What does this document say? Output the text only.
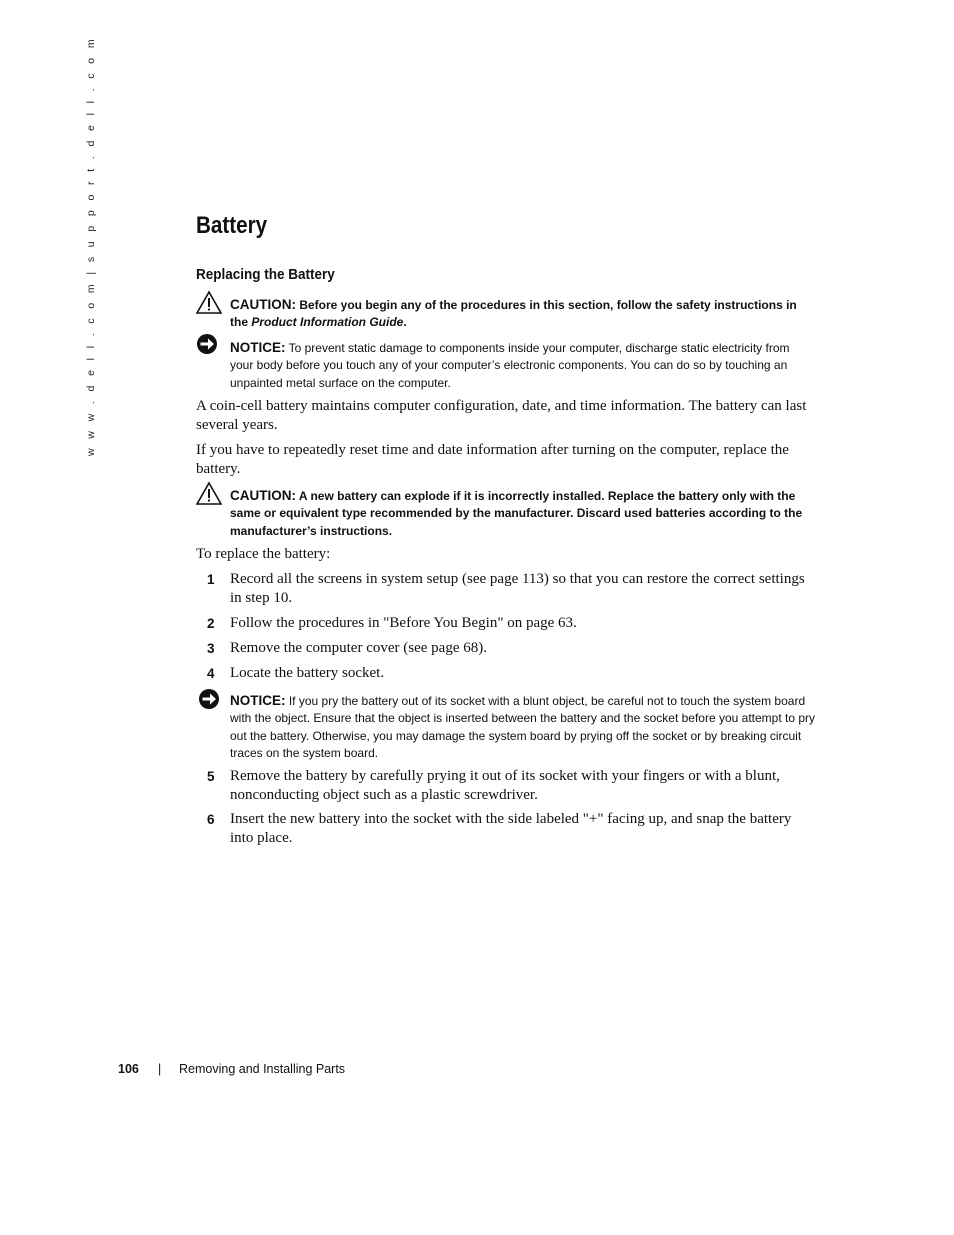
w w w . d e l l . c o m | s u p p o r t . d e l l . c o m	Battery
Replacing the Battery
CAUTION: Before you begin any of the procedures in this section, follow the safety instructions in the Product Information Guide.
NOTICE: To prevent static damage to components inside your computer, discharge static electricity from your body before you touch any of your computer’s electronic components. You can do so by touching an unpainted metal surface on the computer.
A coin-cell battery maintains computer configuration, date, and time information. The battery can last several years.
If you have to repeatedly reset time and date information after turning on the computer, replace the battery.
CAUTION: A new battery can explode if it is incorrectly installed. Replace the battery only with the same or equivalent type recommended by the manufacturer. Discard used batteries according to the manufacturer’s instructions.
To replace the battery:
1 Record all the screens in system setup (see page 113) so that you can restore the correct settings in step 10.
2 Follow the procedures in "Before You Begin" on page 63.
3 Remove the computer cover (see page 68).
4 Locate the battery socket.
NOTICE: If you pry the battery out of its socket with a blunt object, be careful not to touch the system board with the object. Ensure that the object is inserted between the battery and the socket before you attempt to pry out the battery. Otherwise, you may damage the system board by prying off the socket or by breaking circuit traces on the system board.
5 Remove the battery by carefully prying it out of its socket with your fingers or with a blunt, nonconducting object such as a plastic screwdriver.
6 Insert the new battery into the socket with the side labeled "+" facing up, and snap the battery into place.
106 | Removing and Installing Parts
